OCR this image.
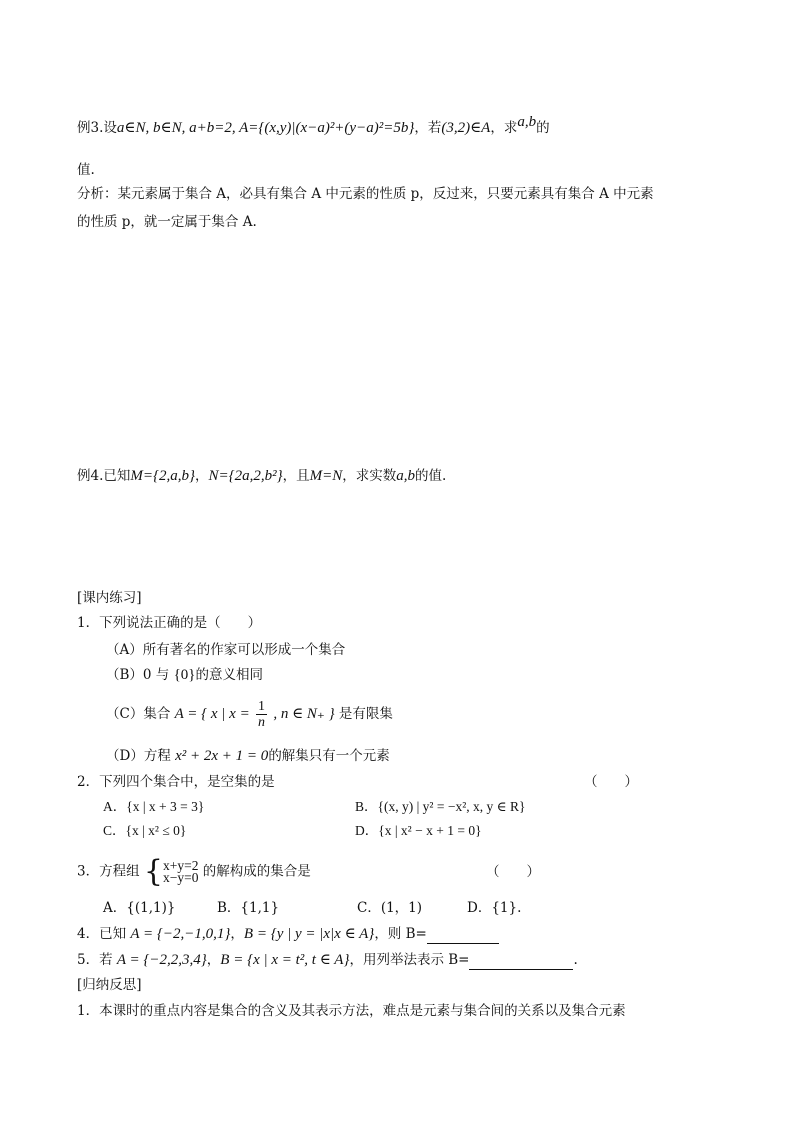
例3.设a∈N, b∈N, a+b=2, A={(x,y)|(x−a)²+(y−a)²=5b}，若(3,2)∈A，求a,b的
值.
分析：某元素属于集合 A，必具有集合 A 中元素的性质 p，反过来，只要元素具有集合 A 中元素
的性质 p，就一定属于集合 A.
例4.已知M={2,a,b}，N={2a,2,b²}，且M=N，求实数a,b的值.
[课内练习]
1．下列说法正确的是（　　）
（A）所有著名的作家可以形成一个集合
（B）0 与 {0}的意义相同
（C）集合 A = { x | $x = \frac{1}{n}$ , n ∈ N₊ } 是有限集
（D）方程 x² + 2x + 1 = 0的解集只有一个元素
2．下列四个集合中，是空集的是	（　　）
A．{x | x + 3 = 3}	B．{(x, y) | y² = −x², x, y ∈ R}
C．{x | x² ≤ 0}	D．{x | x² − x + 1 = 0}
3．方程组 { x+y=2
x−y=0 的解构成的集合是	（　　）
A．{(1,1)}	B．{1,1}	C．(1，1)	D．{1}.
4．已知 A = {−2,−1,0,1}，B = {y | y = |x|x ∈ A}，则 B=
5．若 A = {−2,2,3,4}，B = {x | x = t², t ∈ A}，用列举法表示 B=	.
[归纳反思]
1．本课时的重点内容是集合的含义及其表示方法，难点是元素与集合间的关系以及集合元素
